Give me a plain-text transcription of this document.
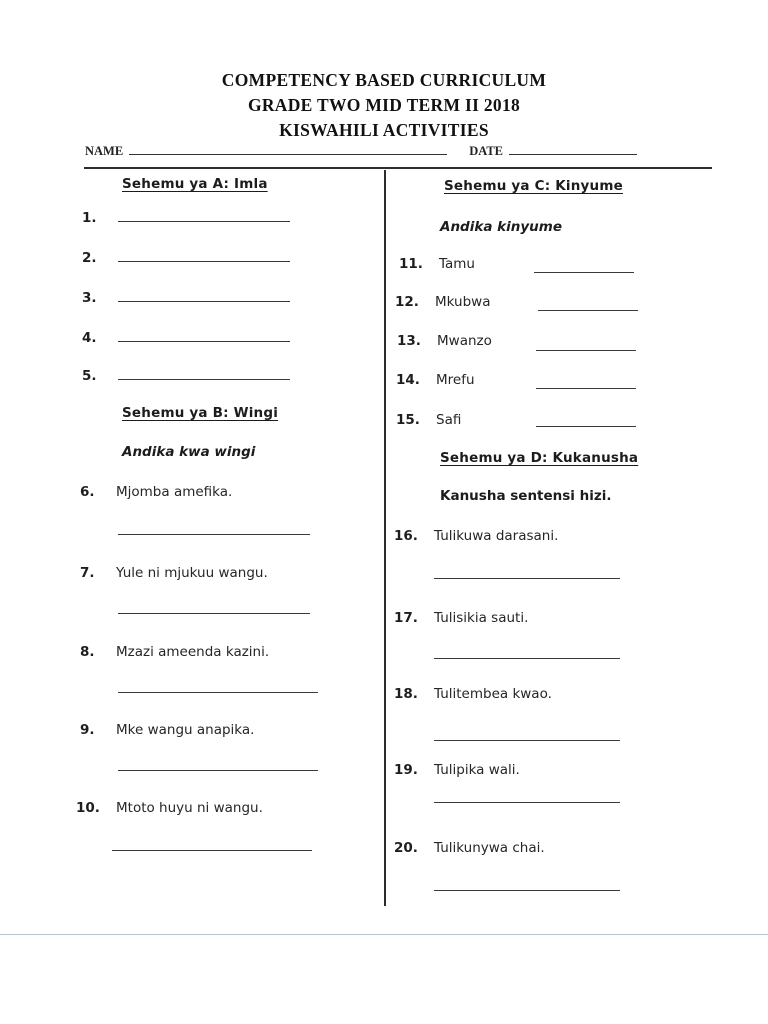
COMPETENCY BASED CURRICULUM
GRADE TWO MID TERM II 2018
KISWAHILI ACTIVITIES
NAME	DATE
Sehemu ya A: Imla
1.
2.
3.
4.
5.
Sehemu ya B: Wingi
Andika kwa wingi
6. Mjomba amefika.
7. Yule ni mjukuu wangu.
8. Mzazi ameenda kazini.
9. Mke wangu anapika.
10. Mtoto huyu ni wangu.
Sehemu ya C: Kinyume
Andika kinyume
11. Tamu
12. Mkubwa
13. Mwanzo
14. Mrefu
15. Safi
Sehemu ya D: Kukanusha
Kanusha sentensi hizi.
16. Tulikuwa darasani.
17. Tulisikia sauti.
18. Tulitembea kwao.
19. Tulipika wali.
20. Tulikunywa chai.
